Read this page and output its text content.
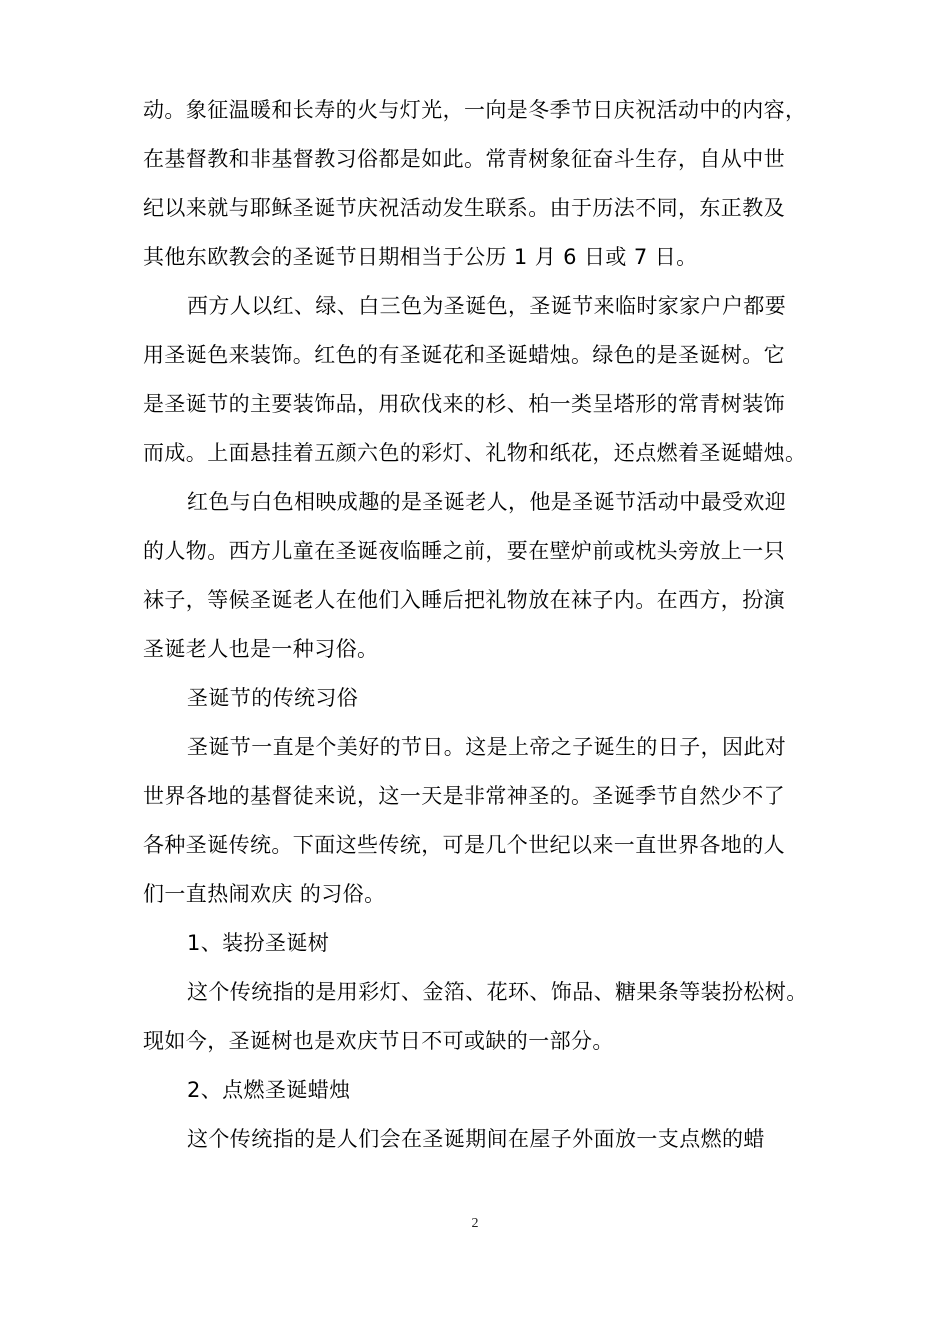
动。象征温暖和长寿的火与灯光，一向是冬季节日庆祝活动中的内容，
在基督教和非基督教习俗都是如此。常青树象征奋斗生存，自从中世
纪以来就与耶稣圣诞节庆祝活动发生联系。由于历法不同，东正教及
其他东欧教会的圣诞节日期相当于公历 1 月 6 日或 7 日。
西方人以红、绿、白三色为圣诞色，圣诞节来临时家家户户都要
用圣诞色来装饰。红色的有圣诞花和圣诞蜡烛。绿色的是圣诞树。它
是圣诞节的主要装饰品，用砍伐来的杉、柏一类呈塔形的常青树装饰
而成。上面悬挂着五颜六色的彩灯、礼物和纸花，还点燃着圣诞蜡烛。
红色与白色相映成趣的是圣诞老人，他是圣诞节活动中最受欢迎
的人物。西方儿童在圣诞夜临睡之前，要在壁炉前或枕头旁放上一只
袜子，等候圣诞老人在他们入睡后把礼物放在袜子内。在西方，扮演
圣诞老人也是一种习俗。
圣诞节的传统习俗
圣诞节一直是个美好的节日。这是上帝之子诞生的日子，因此对
世界各地的基督徒来说，这一天是非常神圣的。圣诞季节自然少不了
各种圣诞传统。下面这些传统，可是几个世纪以来一直世界各地的人
们一直热闹欢庆 的习俗。
1、装扮圣诞树
这个传统指的是用彩灯、金箔、花环、饰品、糖果条等装扮松树。
现如今，圣诞树也是欢庆节日不可或缺的一部分。
2、点燃圣诞蜡烛
这个传统指的是人们会在圣诞期间在屋子外面放一支点燃的蜡
2
